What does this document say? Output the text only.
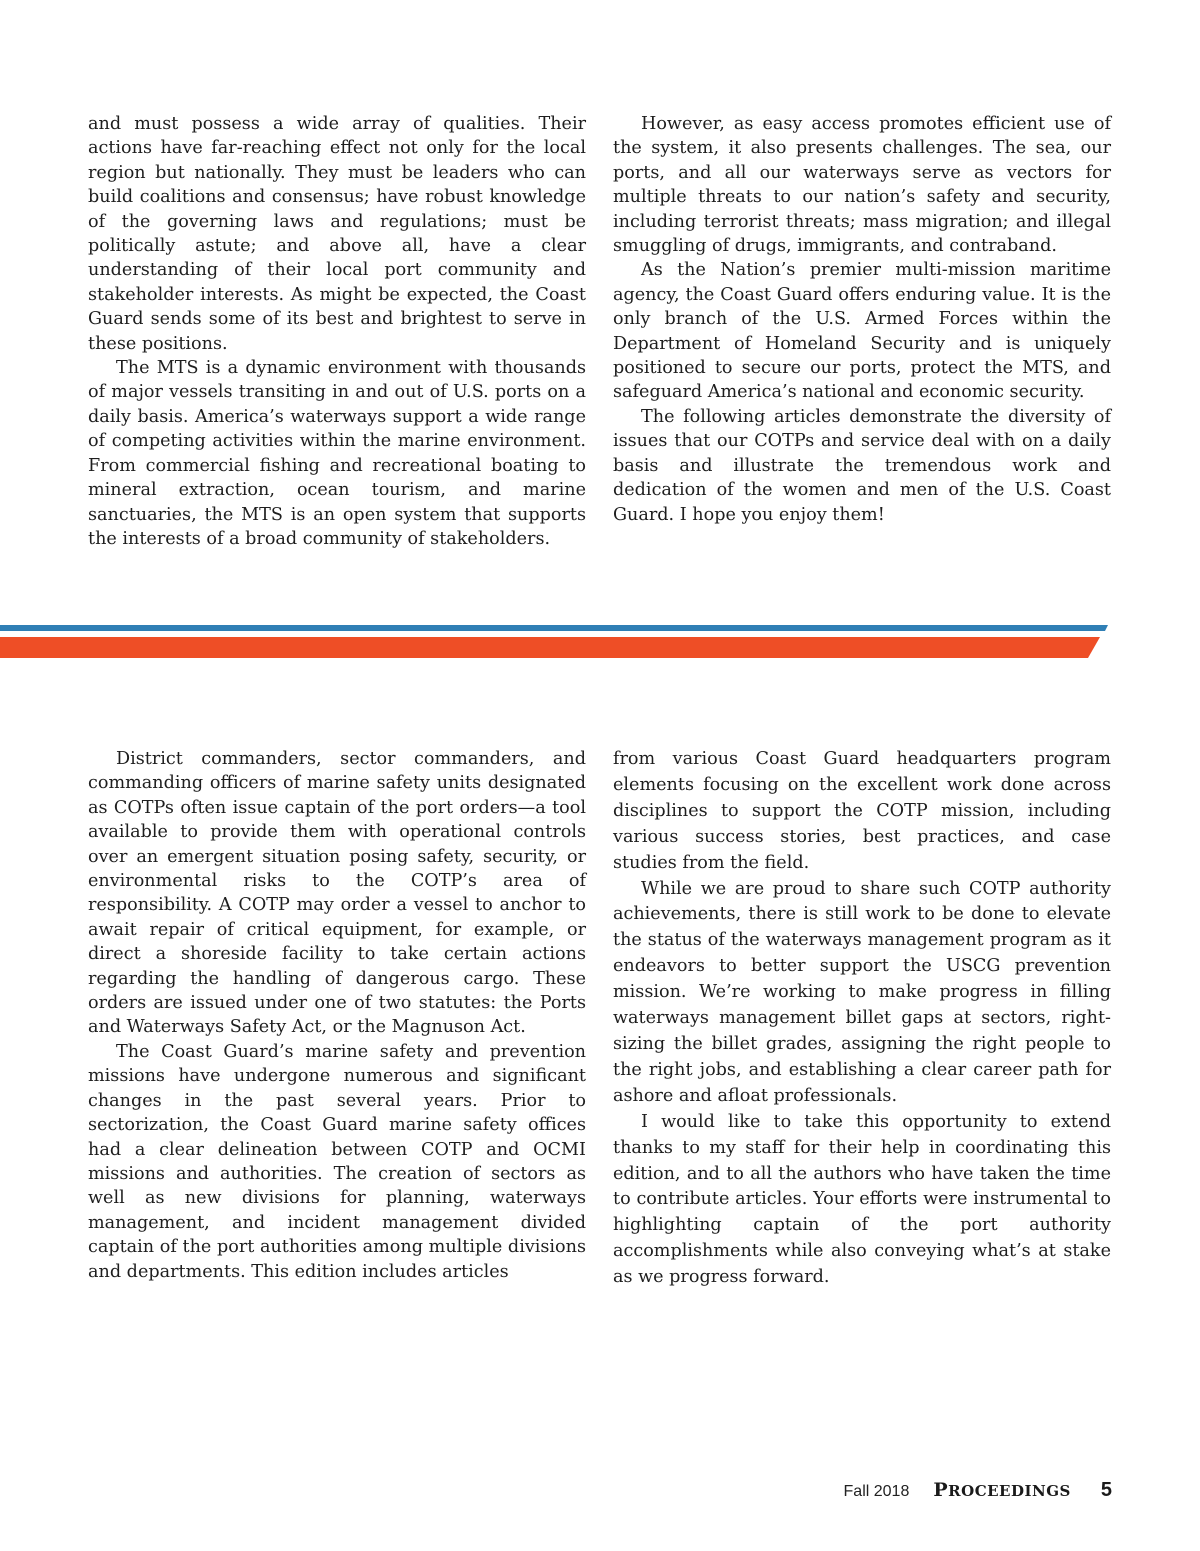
and must possess a wide array of qualities. Their actions have far-reaching effect not only for the local region but nationally. They must be leaders who can build coalitions and consensus; have robust knowledge of the governing laws and regulations; must be politically astute; and above all, have a clear understanding of their local port community and stakeholder interests. As might be expected, the Coast Guard sends some of its best and brightest to serve in these positions.

The MTS is a dynamic environment with thousands of major vessels transiting in and out of U.S. ports on a daily basis. America’s waterways support a wide range of competing activities within the marine environment. From commercial fishing and recreational boating to mineral extraction, ocean tourism, and marine sanctuaries, the MTS is an open system that supports the interests of a broad community of stakeholders.

However, as easy access promotes efficient use of the system, it also presents challenges. The sea, our ports, and all our waterways serve as vectors for multiple threats to our nation’s safety and security, including terrorist threats; mass migration; and illegal smuggling of drugs, immigrants, and contraband.

As the Nation’s premier multi-mission maritime agency, the Coast Guard offers enduring value. It is the only branch of the U.S. Armed Forces within the Department of Homeland Security and is uniquely positioned to secure our ports, protect the MTS, and safeguard America’s national and economic security.

The following articles demonstrate the diversity of issues that our COTPs and service deal with on a daily basis and illustrate the tremendous work and dedication of the women and men of the U.S. Coast Guard. I hope you enjoy them!

District commanders, sector commanders, and commanding officers of marine safety units designated as COTPs often issue captain of the port orders—a tool available to provide them with operational controls over an emergent situation posing safety, security, or environmental risks to the COTP’s area of responsibility. A COTP may order a vessel to anchor to await repair of critical equipment, for example, or direct a shoreside facility to take certain actions regarding the handling of dangerous cargo. These orders are issued under one of two statutes: the Ports and Waterways Safety Act, or the Magnuson Act.

The Coast Guard’s marine safety and prevention missions have undergone numerous and significant changes in the past several years. Prior to sectorization, the Coast Guard marine safety offices had a clear delineation between COTP and OCMI missions and authorities. The creation of sectors as well as new divisions for planning, waterways management, and incident management divided captain of the port authorities among multiple divisions and departments. This edition includes articles

from various Coast Guard headquarters program elements focusing on the excellent work done across disciplines to support the COTP mission, including various success stories, best practices, and case studies from the field.

While we are proud to share such COTP authority achievements, there is still work to be done to elevate the status of the waterways management program as it endeavors to better support the USCG prevention mission. We’re working to make progress in filling waterways management billet gaps at sectors, right-sizing the billet grades, assigning the right people to the right jobs, and establishing a clear career path for ashore and afloat professionals.

I would like to take this opportunity to extend thanks to my staff for their help in coordinating this edition, and to all the authors who have taken the time to contribute articles. Your efforts were instrumental to highlighting captain of the port authority accomplishments while also conveying what’s at stake as we progress forward.

Fall 2018 PROCEEDINGS 5
